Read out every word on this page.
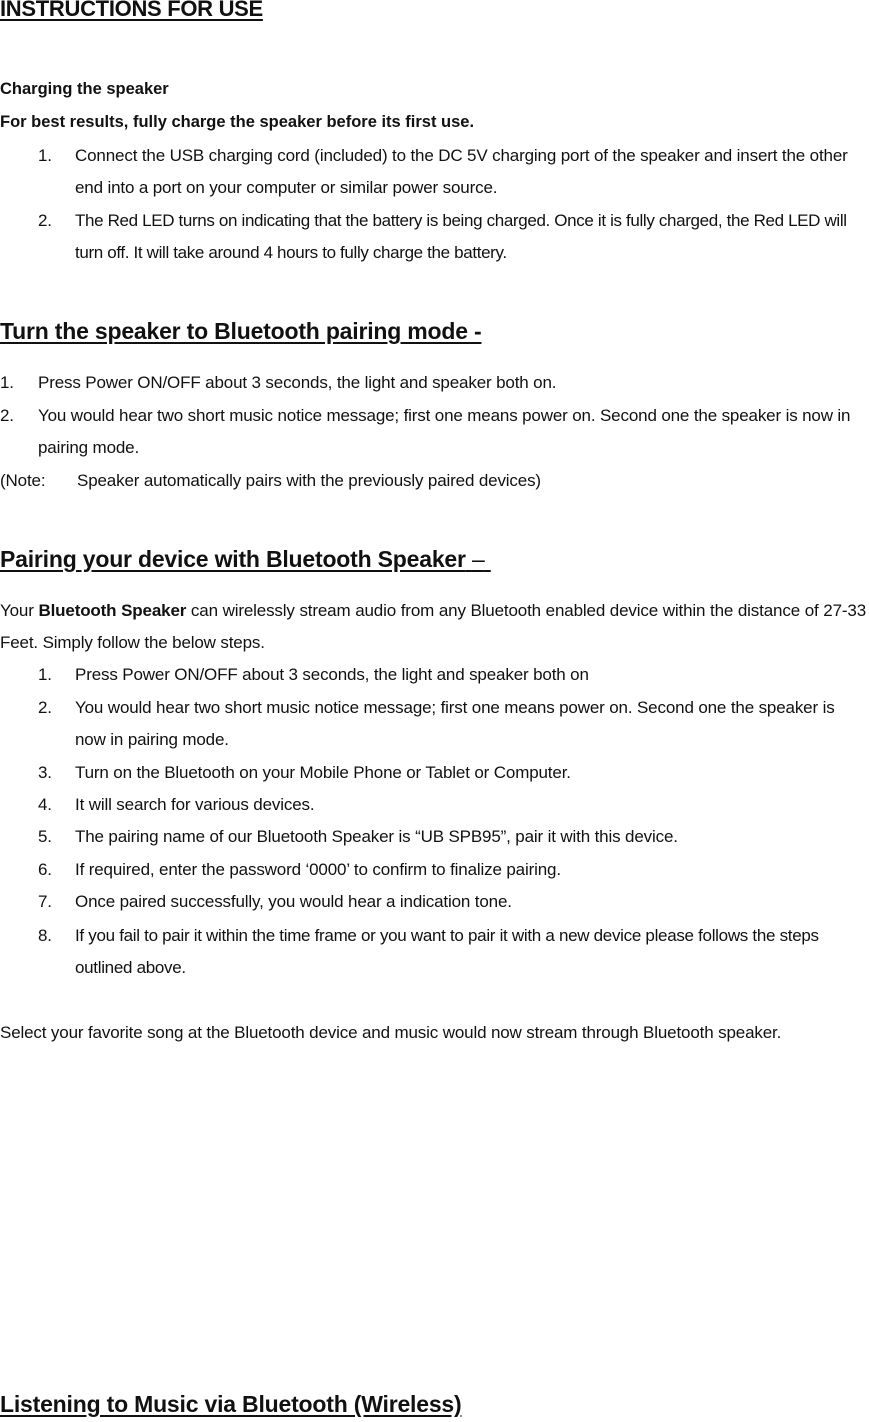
INSTRUCTIONS FOR USE
Charging the speaker
For best results, fully charge the speaker before its first use.
1. Connect the USB charging cord (included) to the DC 5V charging port of the speaker and insert the other end into a port on your computer or similar power source.
2. The Red LED turns on indicating that the battery is being charged. Once it is fully charged, the Red LED will turn off. It will take around 4 hours to fully charge the battery.
Turn the speaker to Bluetooth pairing mode -
1. Press Power ON/OFF about 3 seconds, the light and speaker both on.
2. You would hear two short music notice message; first one means power on. Second one the speaker is now in pairing mode.
(Note: Speaker automatically pairs with the previously paired devices)
Pairing your device with Bluetooth Speaker –
Your Bluetooth Speaker can wirelessly stream audio from any Bluetooth enabled device within the distance of 27-33 Feet. Simply follow the below steps.
1. Press Power ON/OFF about 3 seconds, the light and speaker both on
2. You would hear two short music notice message; first one means power on. Second one the speaker is now in pairing mode.
3. Turn on the Bluetooth on your Mobile Phone or Tablet or Computer.
4. It will search for various devices.
5. The pairing name of our Bluetooth Speaker is “UB SPB95”, pair it with this device.
6. If required, enter the password ‘0000’ to confirm to finalize pairing.
7. Once paired successfully, you would hear a indication tone.
8. If you fail to pair it within the time frame or you want to pair it with a new device please follows the steps outlined above.
Select your favorite song at the Bluetooth device and music would now stream through Bluetooth speaker.
Listening to Music via Bluetooth (Wireless)
